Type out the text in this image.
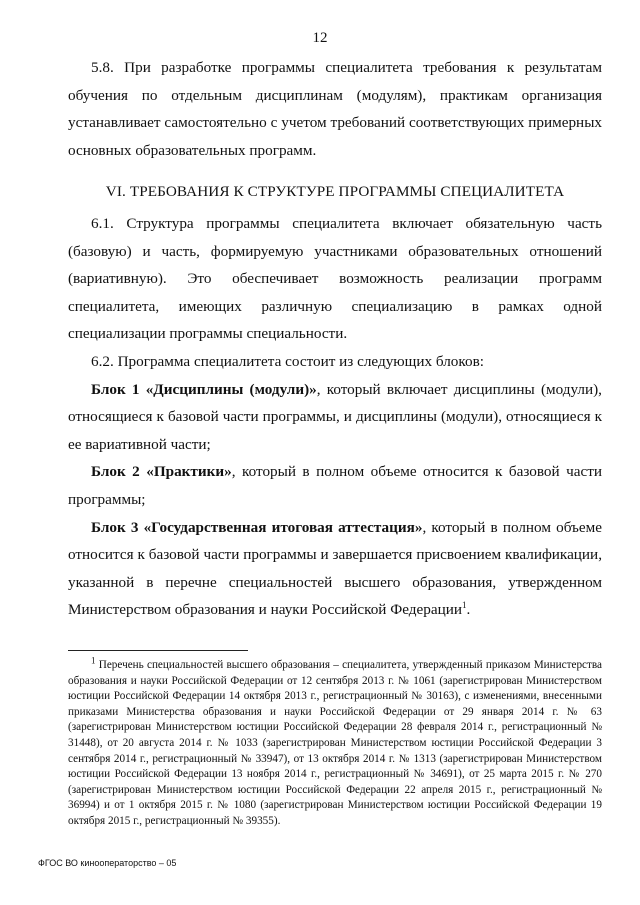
12

5.8. При разработке программы специалитета требования к результатам обучения по отдельным дисциплинам (модулям), практикам организация устанавливает самостоятельно с учетом требований соответствующих примерных основных образовательных программ.

VI. ТРЕБОВАНИЯ К СТРУКТУРЕ ПРОГРАММЫ СПЕЦИАЛИТЕТА

6.1. Структура программы специалитета включает обязательную часть (базовую) и часть, формируемую участниками образовательных отношений (вариативную). Это обеспечивает возможность реализации программ специалитета, имеющих различную специализацию в рамках одной специализации программы специальности.

6.2. Программа специалитета состоит из следующих блоков:

Блок 1 «Дисциплины (модули)», который включает дисциплины (модули), относящиеся к базовой части программы, и дисциплины (модули), относящиеся к ее вариативной части;

Блок 2 «Практики», который в полном объеме относится к базовой части программы;

Блок 3 «Государственная итоговая аттестация», который в полном объеме относится к базовой части программы и завершается присвоением квалификации, указанной в перечне специальностей высшего образования, утвержденном Министерством образования и науки Российской Федерации$^1$.

$^1$ Перечень специальностей высшего образования – специалитета, утвержденный приказом Министерства образования и науки Российской Федерации от 12 сентября 2013 г. № 1061 (зарегистрирован Министерством юстиции Российской Федерации 14 октября 2013 г., регистрационный № 30163), с изменениями, внесенными приказами Министерства образования и науки Российской Федерации от 29 января 2014 г. № 63 (зарегистрирован Министерством юстиции Российской Федерации 28 февраля 2014 г., регистрационный № 31448), от 20 августа 2014 г. № 1033 (зарегистрирован Министерством юстиции Российской Федерации 3 сентября 2014 г., регистрационный № 33947), от 13 октября 2014 г. № 1313 (зарегистрирован Министерством юстиции Российской Федерации 13 ноября 2014 г., регистрационный № 34691), от 25 марта 2015 г. № 270 (зарегистрирован Министерством юстиции Российской Федерации 22 апреля 2015 г., регистрационный № 36994) и от 1 октября 2015 г. № 1080 (зарегистрирован Министерством юстиции Российской Федерации 19 октября 2015 г., регистрационный № 39355).

ФГОС ВО кинооператорство – 05
